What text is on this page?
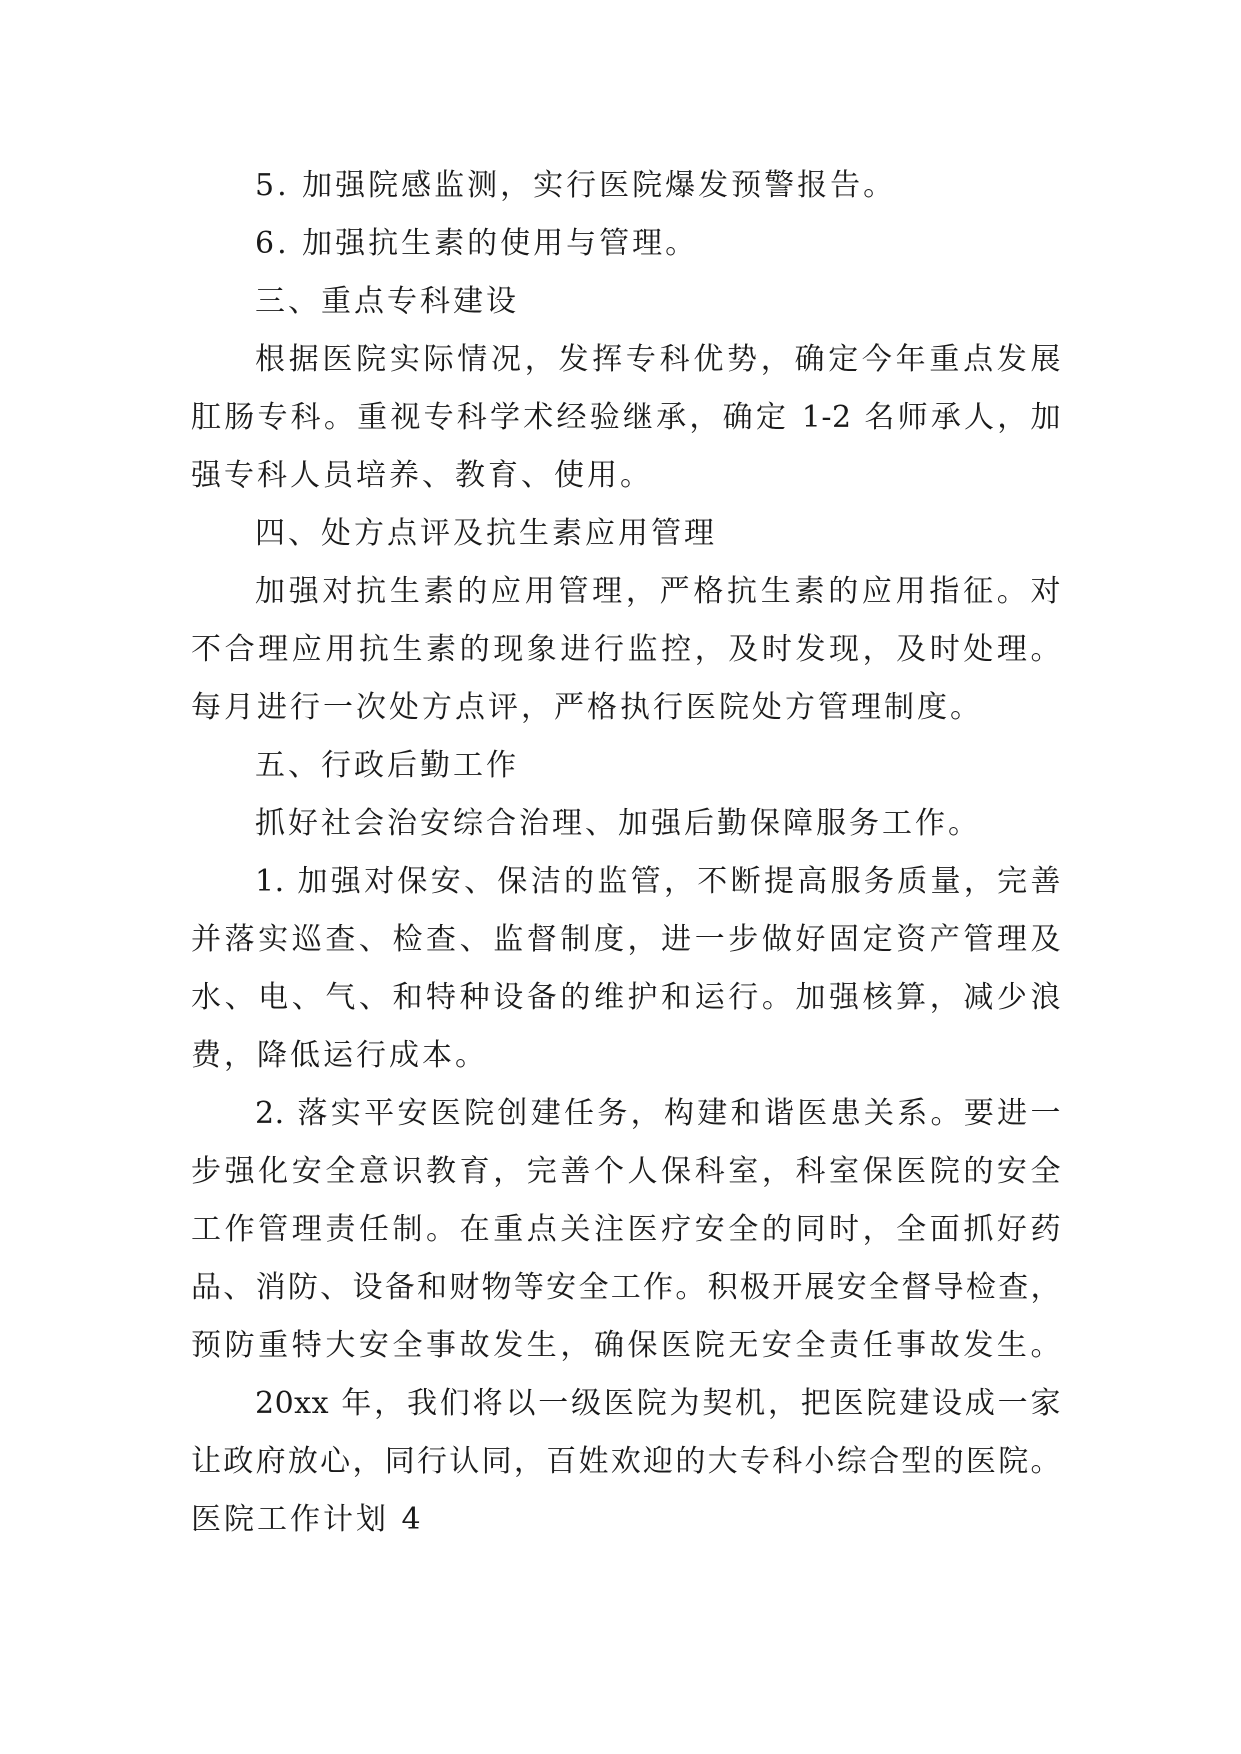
5. 加强院感监测，实行医院爆发预警报告。
6. 加强抗生素的使用与管理。
三、重点专科建设
根据医院实际情况，发挥专科优势，确定今年重点发展
肛肠专科。重视专科学术经验继承，确定 1-2 名师承人，加
强专科人员培养、教育、使用。
四、处方点评及抗生素应用管理
加强对抗生素的应用管理，严格抗生素的应用指征。对
不合理应用抗生素的现象进行监控，及时发现，及时处理。
每月进行一次处方点评，严格执行医院处方管理制度。
五、行政后勤工作
抓好社会治安综合治理、加强后勤保障服务工作。
1. 加强对保安、保洁的监管，不断提高服务质量，完善
并落实巡查、检查、监督制度，进一步做好固定资产管理及
水、电、气、和特种设备的维护和运行。加强核算，减少浪
费，降低运行成本。
2. 落实平安医院创建任务，构建和谐医患关系。要进一
步强化安全意识教育，完善个人保科室，科室保医院的安全
工作管理责任制。在重点关注医疗安全的同时，全面抓好药
品、消防、设备和财物等安全工作。积极开展安全督导检查，
预防重特大安全事故发生，确保医院无安全责任事故发生。
20xx 年，我们将以一级医院为契机，把医院建设成一家
让政府放心，同行认同，百姓欢迎的大专科小综合型的医院。
医院工作计划 4
